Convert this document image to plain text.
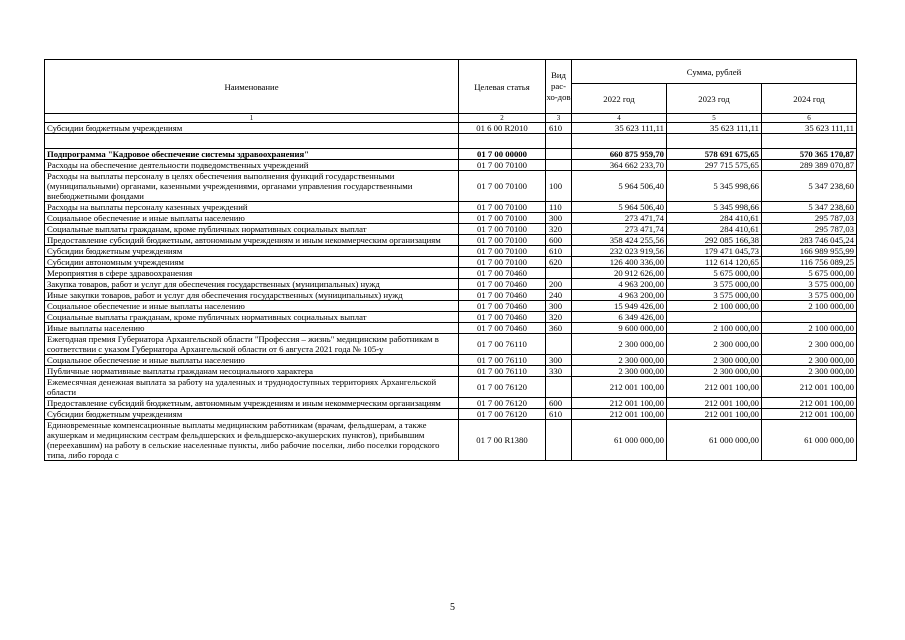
Наименование	Целевая статья	Вид рас-хо-дов	Сумма, рублей		
			2022 год	2023 год	2024 год
1	2	3	4	5	6
Субсидии бюджетным учреждениям	01 6 00 R2010	610	35 623 111,11	35 623 111,11	35 623 111,11

Подпрограмма "Кадровое обеспечение системы здравоохранения"	01 7 00 00000		660 875 959,70	578 691 675,65	570 365 170,87
Расходы на обеспечение деятельности подведомственных учреждений	01 7 00 70100		364 662 233,70	297 715 575,65	289 389 070,87
Расходы на выплаты персоналу в целях обеспечения выполнения функций государственными (муниципальными) органами, казенными учреждениями, органами управления государственными внебюджетными фондами	01 7 00 70100	100	5 964 506,40	5 345 998,66	5 347 238,60
Расходы на выплаты персоналу казенных учреждений	01 7 00 70100	110	5 964 506,40	5 345 998,66	5 347 238,60
Социальное обеспечение и иные выплаты населению	01 7 00 70100	300	273 471,74	284 410,61	295 787,03
Социальные выплаты гражданам, кроме публичных нормативных социальных выплат	01 7 00 70100	320	273 471,74	284 410,61	295 787,03
Предоставление субсидий бюджетным, автономным учреждениям и иным некоммерческим организациям	01 7 00 70100	600	358 424 255,56	292 085 166,38	283 746 045,24
Субсидии бюджетным учреждениям	01 7 00 70100	610	232 023 919,56	179 471 045,73	166 989 955,99
Субсидии автономным учреждениям	01 7 00 70100	620	126 400 336,00	112 614 120,65	116 756 089,25
Мероприятия в сфере здравоохранения	01 7 00 70460		20 912 626,00	5 675 000,00	5 675 000,00
Закупка товаров, работ и услуг для обеспечения государственных (муниципальных) нужд	01 7 00 70460	200	4 963 200,00	3 575 000,00	3 575 000,00
Иные закупки товаров, работ и услуг для обеспечения государственных (муниципальных) нужд	01 7 00 70460	240	4 963 200,00	3 575 000,00	3 575 000,00
Социальное обеспечение и иные выплаты населению	01 7 00 70460	300	15 949 426,00	2 100 000,00	2 100 000,00
Социальные выплаты гражданам, кроме публичных нормативных социальных выплат	01 7 00 70460	320	6 349 426,00		
Иные выплаты населению	01 7 00 70460	360	9 600 000,00	2 100 000,00	2 100 000,00
Ежегодная премия Губернатора Архангельской области "Профессия – жизнь" медицинским работникам в соответствии с указом Губернатора Архангельской области от 6 августа 2021 года № 105-у	01 7 00 76110		2 300 000,00	2 300 000,00	2 300 000,00
Социальное обеспечение и иные выплаты населению	01 7 00 76110	300	2 300 000,00	2 300 000,00	2 300 000,00
Публичные нормативные выплаты гражданам несоциального характера	01 7 00 76110	330	2 300 000,00	2 300 000,00	2 300 000,00
Ежемесячная денежная выплата за работу на удаленных и труднодоступных территориях Архангельской области	01 7 00 76120		212 001 100,00	212 001 100,00	212 001 100,00
Предоставление субсидий бюджетным, автономным учреждениям и иным некоммерческим организациям	01 7 00 76120	600	212 001 100,00	212 001 100,00	212 001 100,00
Субсидии бюджетным учреждениям	01 7 00 76120	610	212 001 100,00	212 001 100,00	212 001 100,00
Единовременные компенсационные выплаты медицинским работникам (врачам, фельдшерам, а также акушеркам и медицинским сестрам фельдшерских и фельдшерско-акушерских пунктов), прибывшим (переехавшим) на работу в сельские населенные пункты, либо рабочие поселки, либо поселки городского типа, либо города с	01 7 00 R1380		61 000 000,00	61 000 000,00	61 000 000,00
5
